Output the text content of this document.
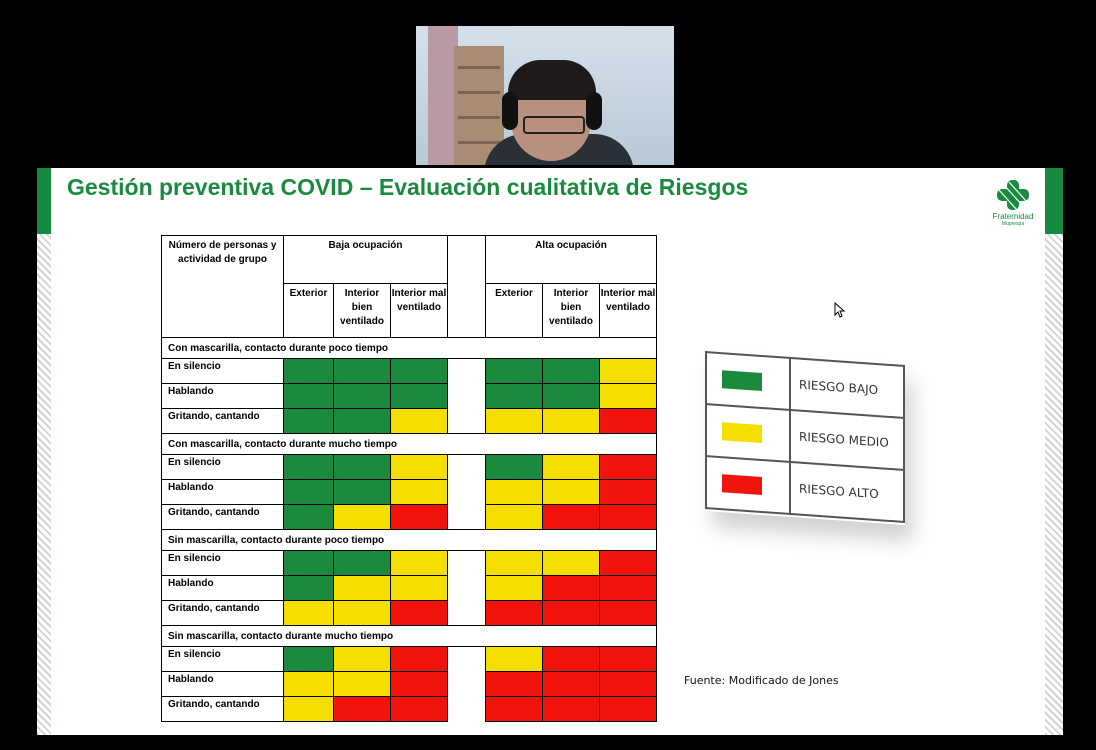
Gestión preventiva COVID – Evaluación cualitativa de Riesgos
Fraternidad
Muprespa
Número de personas y actividad de grupo	Baja ocupación				Alta ocupación		
	Exterior	Interior bien ventilado	Interior mal ventilado		Exterior	Interior bien ventilado	Interior mal ventilado
Con mascarilla, contacto durante poco tiempo							
En silencio							
Hablando							
Gritando, cantando							
Con mascarilla, contacto durante mucho tiempo							
En silencio							
Hablando							
Gritando, cantando							
Sin mascarilla, contacto durante poco tiempo							
En silencio							
Hablando							
Gritando, cantando							
Sin mascarilla, contacto durante mucho tiempo							
En silencio							
Hablando							
Gritando, cantando							
	RIESGO BAJO

	RIESGO MEDIO

	RIESGO ALTO
Fuente: Modificado de Jones
